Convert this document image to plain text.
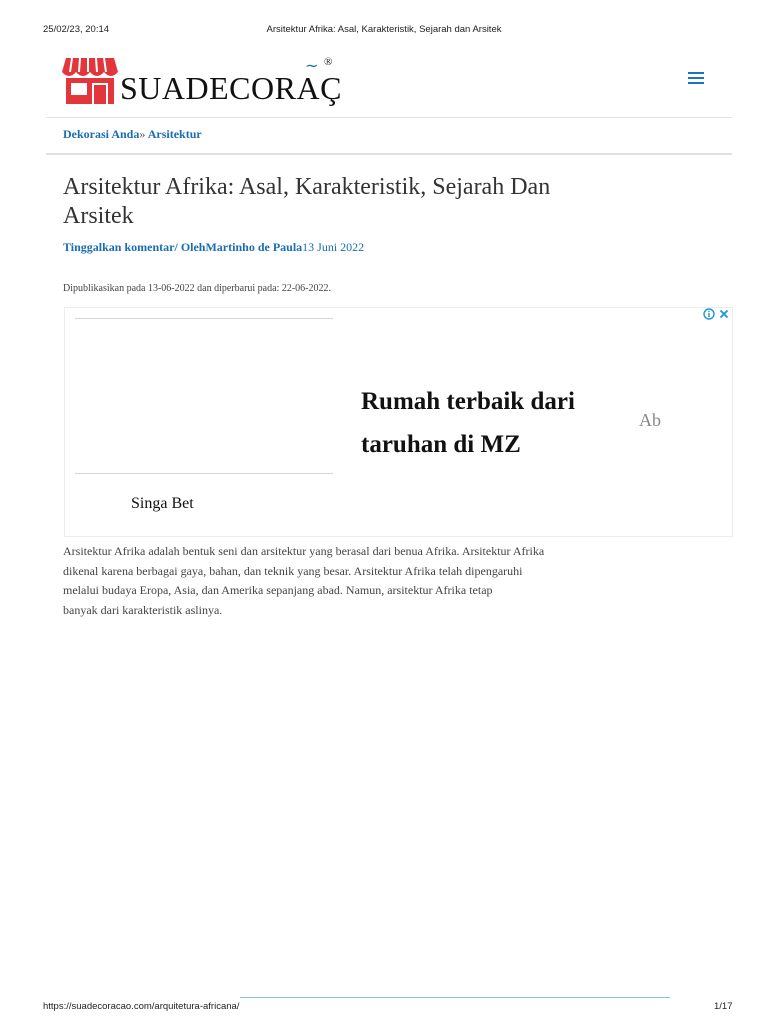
25/02/23, 20:14	Arsitektur Afrika: Asal, Karakteristik, Sejarah dan Arsitek
SUADECORAÇ
~ ®
Dekorasi Anda» Arsitektur
Arsitektur Afrika: Asal, Karakteristik, Sejarah Dan Arsitek
Tinggalkan komentar/ OlehMartinho de Paula13 Juni 2022
Dipublikasikan pada 13-06-2022 dan diperbarui pada: 22-06-2022.
Singa Bet
Rumah terbaik dari taruhan di MZ
Ab
Arsitektur Afrika adalah bentuk seni dan arsitektur yang berasal dari benua Afrika. Arsitektur Afrika
dikenal karena berbagai gaya, bahan, dan teknik yang besar. Arsitektur Afrika telah dipengaruhi
melalui budaya Eropa, Asia, dan Amerika sepanjang abad. Namun, arsitektur Afrika tetap
banyak dari karakteristik aslinya.
https://suadecoracao.com/arquitetura-africana/	1/17
